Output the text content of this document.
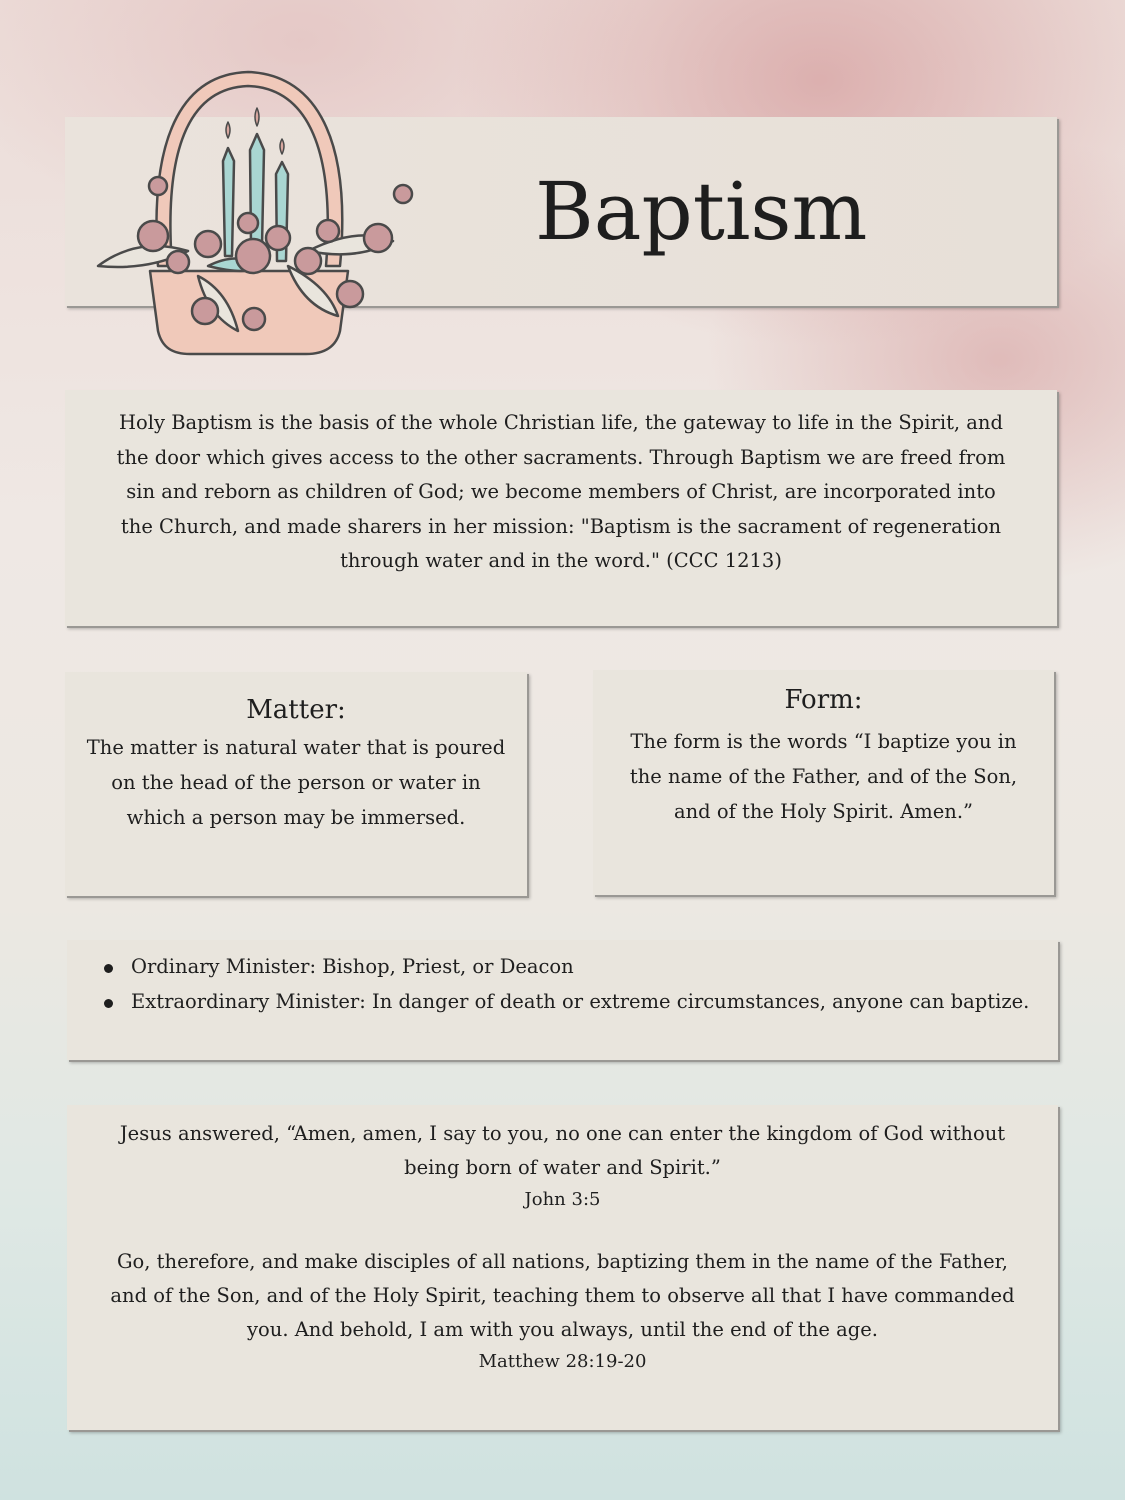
Baptism
Holy Baptism is the basis of the whole Christian life, the gateway to life in the Spirit, and the door which gives access to the other sacraments. Through Baptism we are freed from sin and reborn as children of God; we become members of Christ, are incorporated into the Church, and made sharers in her mission: "Baptism is the sacrament of regeneration through water and in the word." (CCC 1213)
Matter:
The matter is natural water that is poured on the head of the person or water in which a person may be immersed.
Form:
The form is the words “I baptize you in the name of the Father, and of the Son, and of the Holy Spirit. Amen.”
Ordinary Minister: Bishop, Priest, or Deacon
Extraordinary Minister: In danger of death or extreme circumstances, anyone can baptize.
Jesus answered, “Amen, amen, I say to you, no one can enter the kingdom of God without being born of water and Spirit.”
John 3:5
Go, therefore, and make disciples of all nations, baptizing them in the name of the Father, and of the Son, and of the Holy Spirit, teaching them to observe all that I have commanded you. And behold, I am with you always, until the end of the age.
Matthew 28:19-20
